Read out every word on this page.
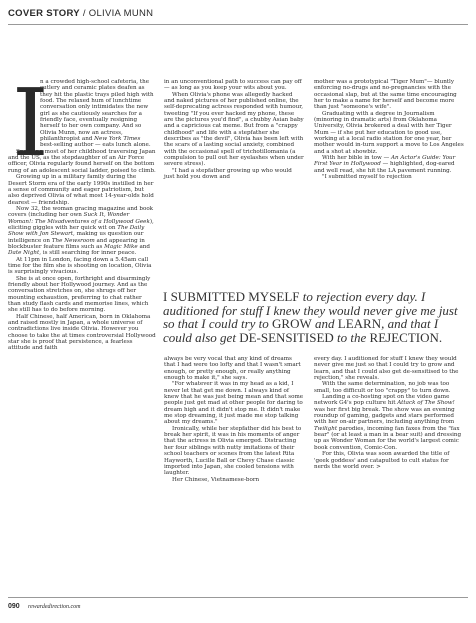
COVER STORY / OLIVIA MUNN
I

n a crowded high-school cafeteria, the cutlery and ceramic plates deafen as they hit the plastic trays piled high with food. The relaxed hum of lunchtime conversation only intimidates the new girl as she cautiously searches for a friendly face, eventually resigning herself to her own company. And so Olivia Munn, now an actress, philanthropist and New York Times best-selling author — eats lunch alone.

Spending most of her childhood traversing Japan and the US, as the stepdaughter of an Air Force officer, Olivia regularly found herself on the bottom rung of an adolescent social ladder, poised to climb.

Growing up in a military family during the Desert Storm era of the early 1990s instilled in her a sense of community and eager patriotism, but also deprived Olivia of what most 14-year-olds hold dearest — friendship.

Now 32, the woman gracing magazine and book covers (including her own Suck It, Wonder Woman!: The Misadventures of a Hollywood Geek), eliciting giggles with her quick wit on The Daily Show with Jon Stewart, making us question our intelligence on The Newsroom and appearing in blockbuster feature films such as Magic Mike and Date Night, is still searching for inner peace.

At 11pm in London, facing down a 5.45am call time for the film she is shooting on location, Olivia is surprisingly vivacious.

She is at once open, forthright and disarmingly friendly about her Hollywood journey. And as the conversation stretches on, she shrugs off her mounting exhaustion, preferring to chat rather than study flash cards and memorise lines, which she still has to do before morning.

Half Chinese, half American, born in Oklahoma and raised mostly in Japan, a whole universe of contradictions live inside Olivia. However you choose to take the at times controversial Hollywood star she is proof that persistence, a fearless attitude and faith

in an unconventional path to success can pay off — as long as you keep your wits about you.

When Olivia's phone was allegedly hacked and naked pictures of her published online, the self-deprecating actress responded with humour, tweeting "If you ever hacked my phone, these are the pictures you'd find", a chubby Asian baby and a capricious cat meme. But from a "crappy childhood" and life with a stepfather she describes as "the devil", Olivia has been left with the scars of a lasting social anxiety, combined with the occasional spell of trichotillomania (a compulsion to pull out her eyelashes when under severe stress).

"I had a stepfather growing up who would just hold you down and

mother was a prototypical "Tiger Mum"— bluntly enforcing no-drugs and no-pregnancies with the occasional slap, but at the same time encouraging her to make a name for herself and become more than just "someone's wife".

Graduating with a degree in Journalism (minoring in dramatic arts) from Oklahoma University, Olivia brokered a deal with her Tiger Mum — if she put her education to good use, working at a local radio station for one year, her mother would in-turn support a move to Los Angeles and a shot at showbiz.

With her bible in tow — An Actor's Guide: Your First Year in Hollywood — highlighted, dog-eared and well read, she hit the LA pavement running.

"I submitted myself to rejection

I SUBMITTED MYSELF to rejection every day. I auditioned for stuff I knew they would never give me just so that I could try to GROW and LEARN, and that I could also get DE-SENSITISED to the REJECTION.

always be very vocal that any kind of dreams that I had were too lofty and that I wasn't smart enough, or pretty enough, or really anything enough to make it," she says.

"For whatever it was in my head as a kid, I never let that get me down. I always kind of knew that he was just being mean and that some people just get mad at other people for daring to dream high and it didn't stop me. It didn't make me stop dreaming, it just made me stop talking about my dreams."

Ironically, while her stepfather did his best to break her spirit, it was in his moments of anger that the actress in Olivia emerged. Distracting her four siblings with nutty imitations of their school teachers or scenes from the latest Rita Hayworth, Lucille Ball or Chevy Chase classic imported into Japan, she cooled tensions with laughter.

Her Chinese, Vietnamese-born

every day. I auditioned for stuff I knew they would never give me just so that I could try to grow and learn, and that I could also get de-sensitised to the rejection," she reveals.

With the same determination, no job was too small, too difficult or too "crappy" to turn down.

Landing a co-hosting spot on the video game network G4's pop culture hit Attack of The Show! was her first big break. The show was an evening roundup of gaming, gadgets and stars performed with her on-air partners, including anything from Twilight parodies, incoming fan faxes from the "fax bear" (or at least a man in a bear suit) and dressing up as Wonder Woman for the world's largest comic book convention, Comic-Con.

For this, Olivia was soon awarded the title of 'geek goddess' and catapulted to cult status for nerds the world over. >

090 rewardedirection.com
